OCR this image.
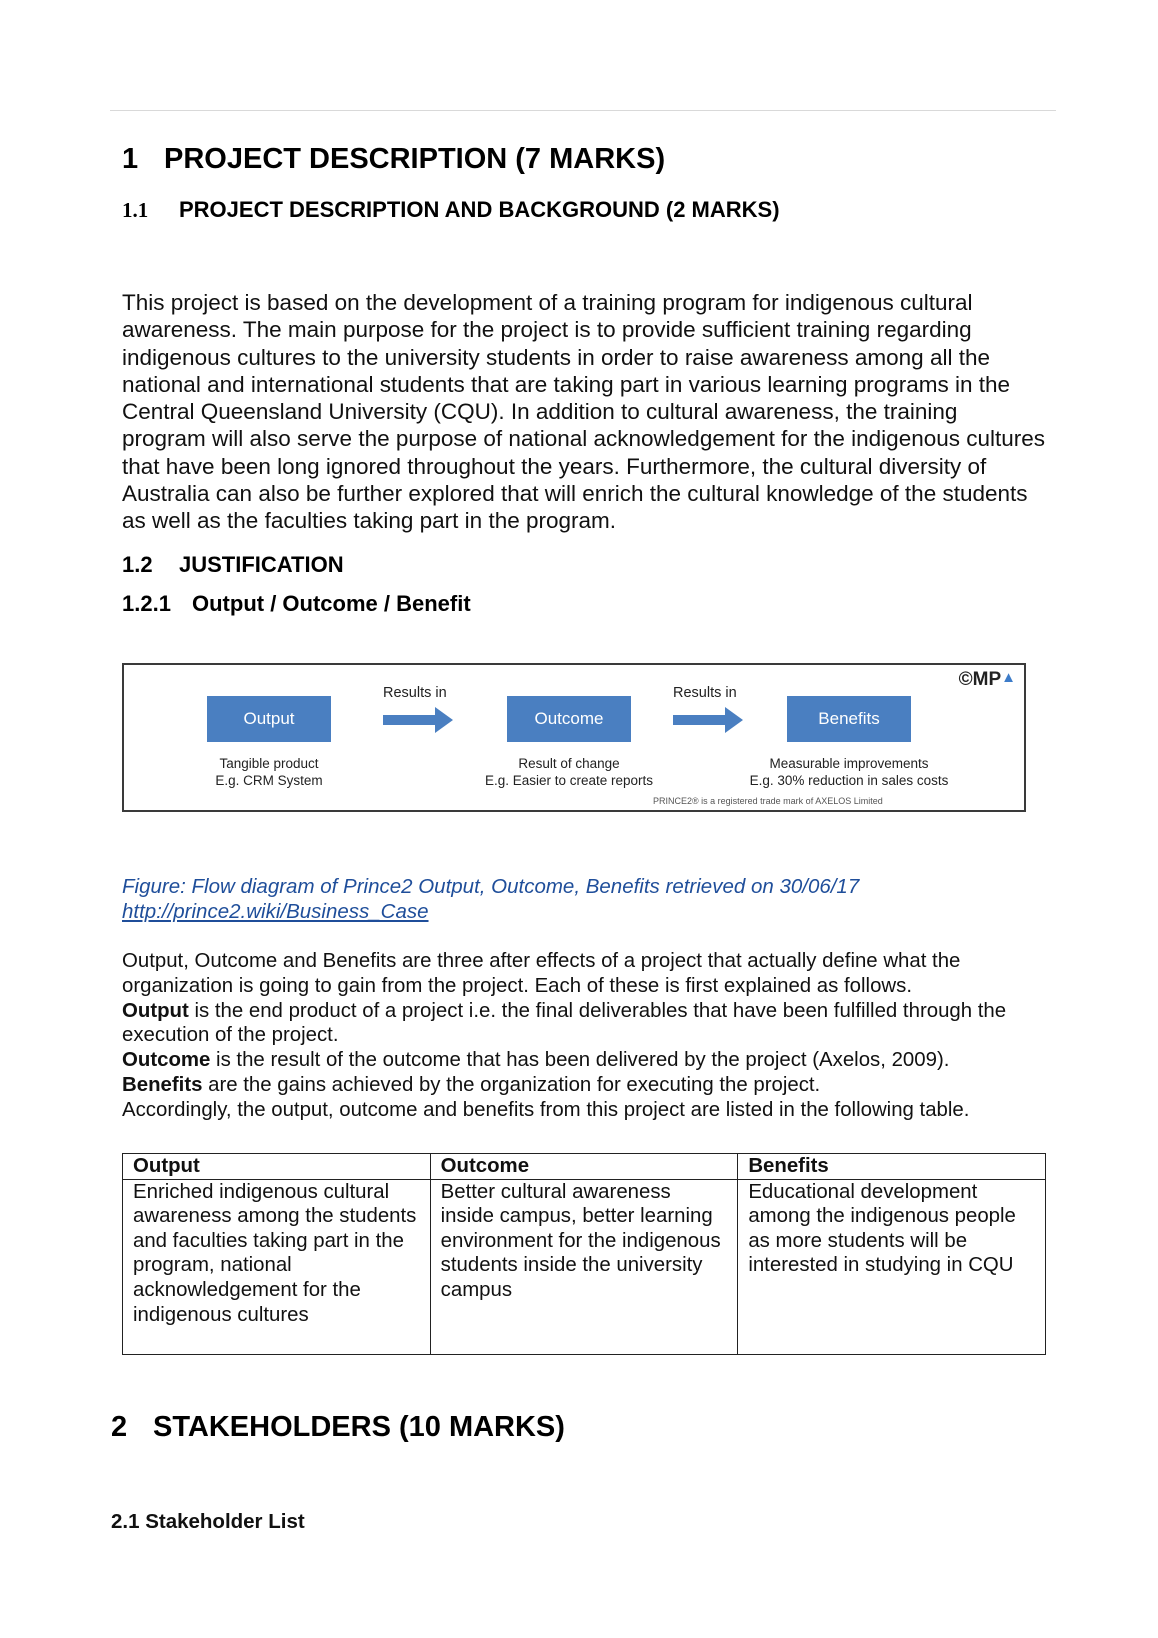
1 PROJECT DESCRIPTION (7 MARKS)
1.1 PROJECT DESCRIPTION AND BACKGROUND (2 MARKS)
This project is based on the development of a training program for indigenous cultural awareness. The main purpose for the project is to provide sufficient training regarding indigenous cultures to the university students in order to raise awareness among all the national and international students that are taking part in various learning programs in the Central Queensland University (CQU). In addition to cultural awareness, the training program will also serve the purpose of national acknowledgement for the indigenous cultures that have been long ignored throughout the years. Furthermore, the cultural diversity of Australia can also be further explored that will enrich the cultural knowledge of the students as well as the faculties taking part in the program.
1.2 JUSTIFICATION
1.2.1 Output / Outcome / Benefit
©MP▲
Output
Results in
Outcome
Results in
Benefits
Tangible product
E.g. CRM System
Result of change
E.g. Easier to create reports
Measurable improvements
E.g. 30% reduction in sales costs
PRINCE2® is a registered trade mark of AXELOS Limited
Figure: Flow diagram of Prince2 Output, Outcome, Benefits retrieved on 30/06/17
http://prince2.wiki/Business_Case
Output, Outcome and Benefits are three after effects of a project that actually define what the organization is going to gain from the project. Each of these is first explained as follows.
Output is the end product of a project i.e. the final deliverables that have been fulfilled through the execution of the project.
Outcome is the result of the outcome that has been delivered by the project (Axelos, 2009).
Benefits are the gains achieved by the organization for executing the project.
Accordingly, the output, outcome and benefits from this project are listed in the following table.
Output	Outcome	Benefits
Enriched indigenous cultural awareness among the students and faculties taking part in the program, national acknowledgement for the indigenous cultures	Better cultural awareness inside campus, better learning environment for the indigenous students inside the university campus	Educational development among the indigenous people as more students will be interested in studying in CQU
2 STAKEHOLDERS (10 MARKS)
2.1 Stakeholder List
